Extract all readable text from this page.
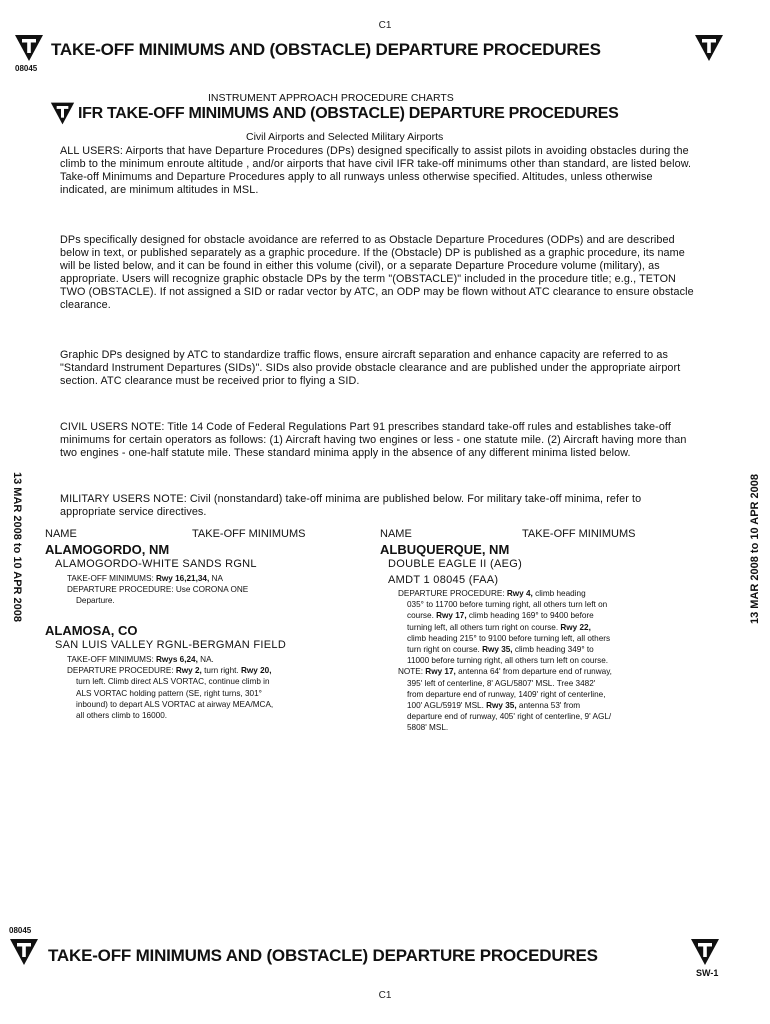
C1
TAKE-OFF MINIMUMS AND (OBSTACLE) DEPARTURE PROCEDURES
08045
INSTRUMENT APPROACH PROCEDURE CHARTS
IFR TAKE-OFF MINIMUMS AND (OBSTACLE) DEPARTURE PROCEDURES
Civil Airports and Selected Military Airports
ALL USERS: Airports that have Departure Procedures (DPs) designed specifically to assist pilots in avoiding obstacles during the climb to the minimum enroute altitude , and/or airports that have civil IFR take-off minimums other than standard, are listed below. Take-off Minimums and Departure Procedures apply to all runways unless otherwise specified. Altitudes, unless otherwise indicated, are minimum altitudes in MSL.
DPs specifically designed for obstacle avoidance are referred to as Obstacle Departure Procedures (ODPs) and are described below in text, or published separately as a graphic procedure. If the (Obstacle) DP is published as a graphic procedure, its name will be listed below, and it can be found in either this volume (civil), or a separate Departure Procedure volume (military), as appropriate. Users will recognize graphic obstacle DPs by the term "(OBSTACLE)" included in the procedure title; e.g., TETON TWO (OBSTACLE). If not assigned a SID or radar vector by ATC, an ODP may be flown without ATC clearance to ensure obstacle clearance.
Graphic DPs designed by ATC to standardize traffic flows, ensure aircraft separation and enhance capacity are referred to as "Standard Instrument Departures (SIDs)". SIDs also provide obstacle clearance and are published under the appropriate airport section. ATC clearance must be received prior to flying a SID.
CIVIL USERS NOTE: Title 14 Code of Federal Regulations Part 91 prescribes standard take-off rules and establishes take-off minimums for certain operators as follows: (1) Aircraft having two engines or less - one statute mile. (2) Aircraft having more than two engines - one-half statute mile. These standard minima apply in the absence of any different minima listed below.
MILITARY USERS NOTE: Civil (nonstandard) take-off minima are published below. For military take-off minima, refer to appropriate service directives.
13 MAR 2008 to 10 APR 2008	13 MAR 2008 to 10 APR 2008
NAME	TAKE-OFF MINIMUMS	NAME	TAKE-OFF MINIMUMS
ALAMOGORDO, NM
ALAMOGORDO-WHITE SANDS RGNL
TAKE-OFF MINIMUMS: Rwy 16,21,34, NA
DEPARTURE PROCEDURE: Use CORONA ONE
Departure.
ALAMOSA, CO
SAN LUIS VALLEY RGNL-BERGMAN FIELD
TAKE-OFF MINIMUMS: Rwys 6,24, NA.
DEPARTURE PROCEDURE: Rwy 2, turn right. Rwy 20,
turn left. Climb direct ALS VORTAC, continue climb in
ALS VORTAC holding pattern (SE, right turns, 301°
inbound) to depart ALS VORTAC at airway MEA/MCA,
all others climb to 16000.
ALBUQUERQUE, NM
DOUBLE EAGLE II (AEG)
AMDT 1 08045 (FAA)
DEPARTURE PROCEDURE: Rwy 4, climb heading
035° to 11700 before turning right, all others turn left on
course. Rwy 17, climb heading 169° to 9400 before
turning left, all others turn right on course. Rwy 22,
climb heading 215° to 9100 before turning left, all others
turn right on course. Rwy 35, climb heading 349° to
11000 before turning right, all others turn left on course.
NOTE: Rwy 17, antenna 64' from departure end of runway,
395' left of centerline, 8' AGL/5807' MSL. Tree 3482'
from departure end of runway, 1409' right of centerline,
100' AGL/5919' MSL. Rwy 35, antenna 53' from
departure end of runway, 405' right of centerline, 9' AGL/
5808' MSL.
08045
TAKE-OFF MINIMUMS AND (OBSTACLE) DEPARTURE PROCEDURES
SW-1
C1
